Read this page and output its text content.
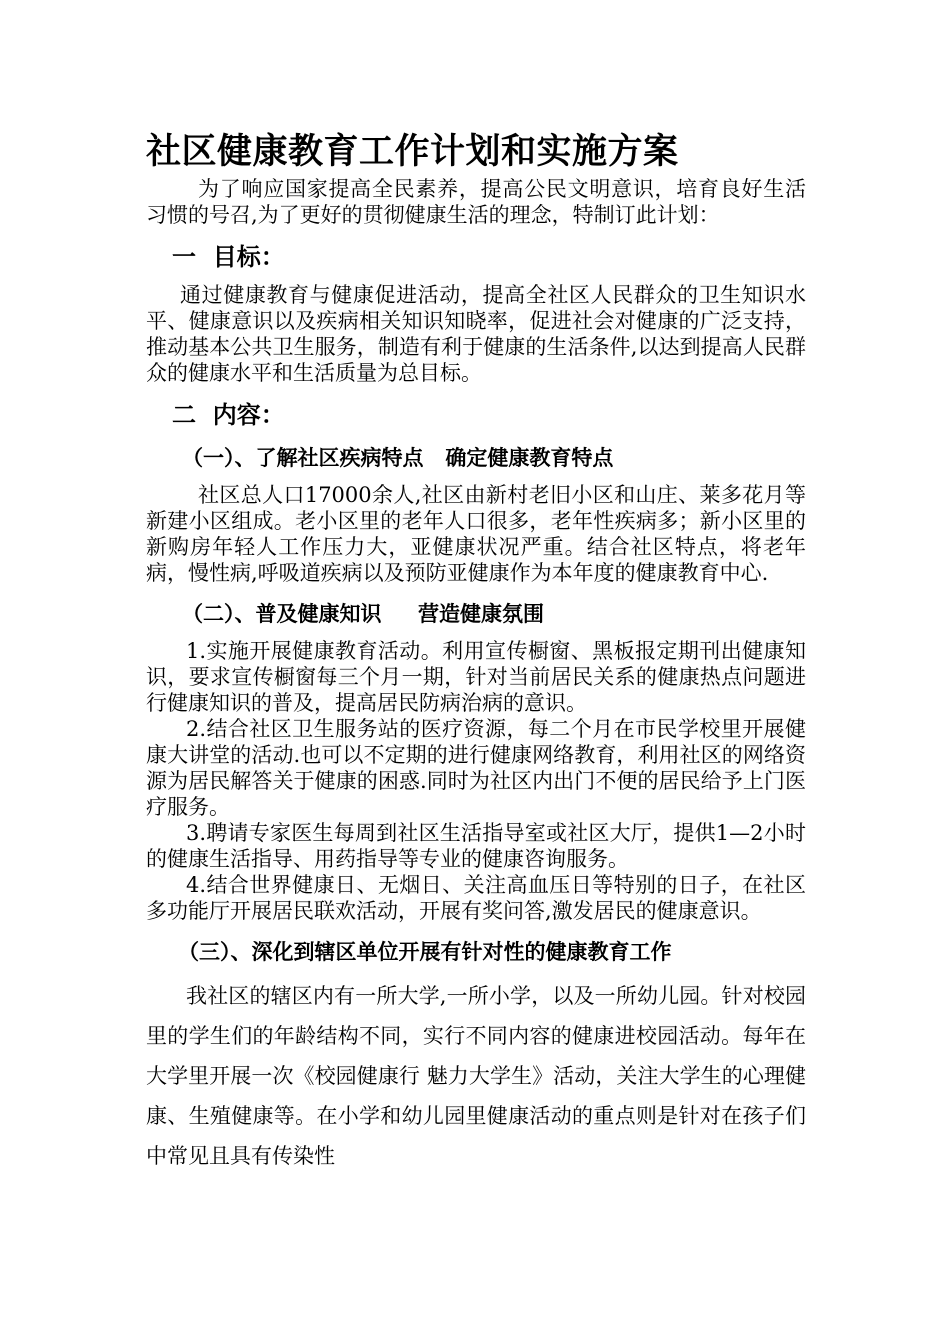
社区健康教育工作计划和实施方案

为了响应国家提高全民素养，提高公民文明意识，培育良好生活习惯的号召,为了更好的贯彻健康生活的理念，特制订此计划：

一  目标：

通过健康教育与健康促进活动，提高全社区人民群众的卫生知识水平、健康意识以及疾病相关知识知晓率，促进社会对健康的广泛支持，推动基本公共卫生服务，制造有利于健康的生活条件,以达到提高人民群众的健康水平和生活质量为总目标。

二  内容：
（一）、了解社区疾病特点   确定健康教育特点

社区总人口17000余人,社区由新村老旧小区和山庄、莱多花月等新建小区组成。老小区里的老年人口很多，老年性疾病多；新小区里的新购房年轻人工作压力大，亚健康状况严重。结合社区特点，将老年病，慢性病,呼吸道疾病以及预防亚健康作为本年度的健康教育中心.

（二）、普及健康知识     营造健康氛围

1.实施开展健康教育活动。利用宣传橱窗、黑板报定期刊出健康知识，要求宣传橱窗每三个月一期，针对当前居民关系的健康热点问题进行健康知识的普及，提高居民防病治病的意识。

2.结合社区卫生服务站的医疗资源，每二个月在市民学校里开展健康大讲堂的活动.也可以不定期的进行健康网络教育，利用社区的网络资源为居民解答关于健康的困惑.同时为社区内出门不便的居民给予上门医疗服务。

3.聘请专家医生每周到社区生活指导室或社区大厅，提供1—2小时的健康生活指导、用药指导等专业的健康咨询服务。

4.结合世界健康日、无烟日、关注高血压日等特别的日子，在社区多功能厅开展居民联欢活动，开展有奖问答,激发居民的健康意识。

（三）、深化到辖区单位开展有针对性的健康教育工作

我社区的辖区内有一所大学,一所小学，以及一所幼儿园。针对校园里的学生们的年龄结构不同，实行不同内容的健康进校园活动。每年在大学里开展一次《校园健康行 魅力大学生》活动，关注大学生的心理健康、生殖健康等。在小学和幼儿园里健康活动的重点则是针对在孩子们中常见且具有传染性
